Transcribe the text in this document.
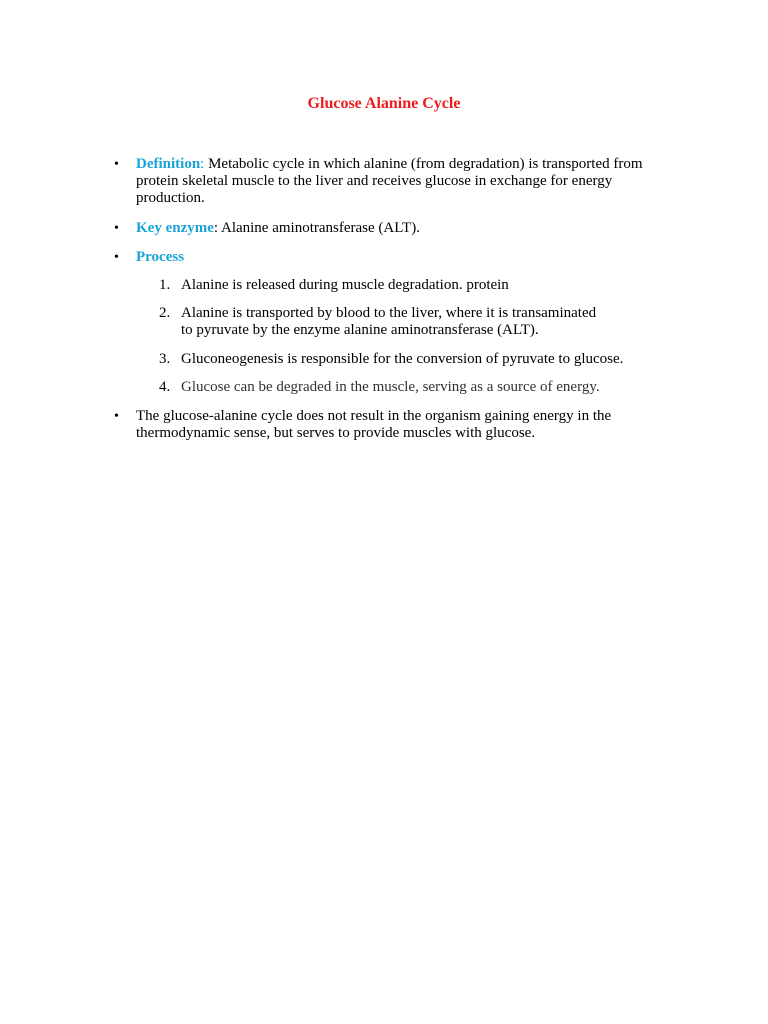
Glucose Alanine Cycle
• Definition: Metabolic cycle in which alanine (from degradation) is transported from protein skeletal muscle to the liver and receives glucose in exchange for energy production.
• Key enzyme: Alanine aminotransferase (ALT).
• Process
1. Alanine is released during muscle degradation. protein
2. Alanine is transported by blood to the liver, where it is transaminated to pyruvate by the enzyme alanine aminotransferase (ALT).
3. Gluconeogenesis is responsible for the conversion of pyruvate to glucose.
4. Glucose can be degraded in the muscle, serving as a source of energy.
• The glucose-alanine cycle does not result in the organism gaining energy in the thermodynamic sense, but serves to provide muscles with glucose.
